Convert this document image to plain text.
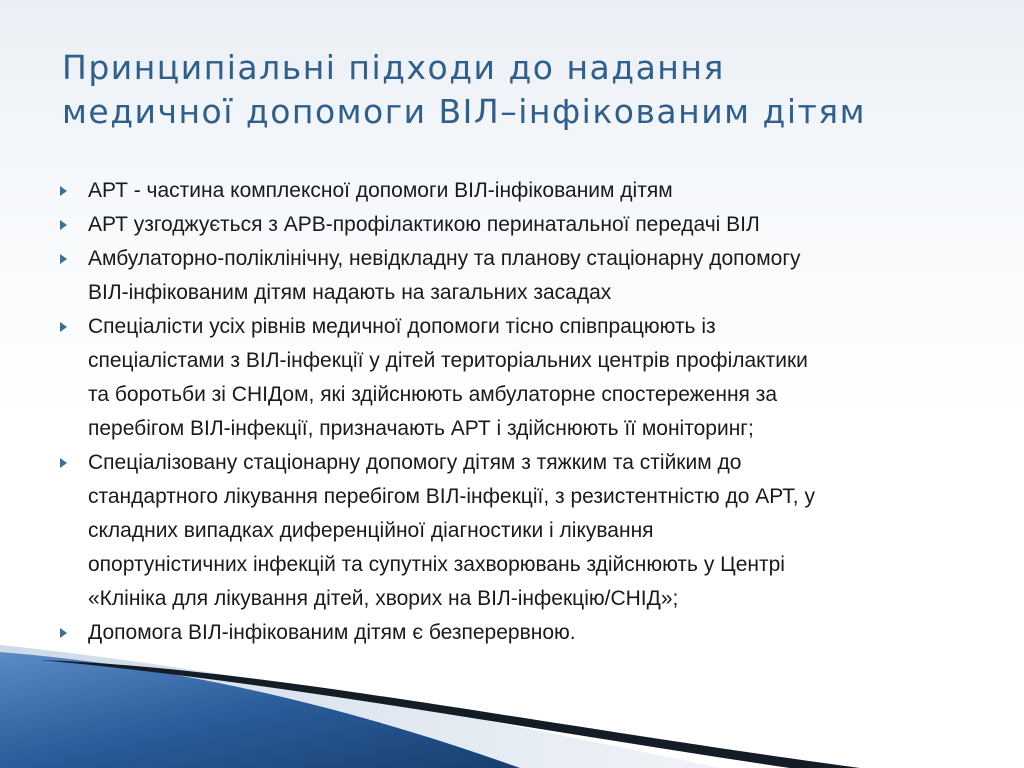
Принципіальні підходи до надання
медичної допомоги ВІЛ–інфікованим дітям
АРТ - частина комплексної допомоги ВІЛ-інфікованим дітям
АРТ узгоджується з АРВ-профілактикою перинатальної передачі ВІЛ
Амбулаторно-поліклінічну, невідкладну та планову стаціонарну допомогу
ВІЛ-інфікованим дітям надають на загальних засадах
Спеціалісти усіх рівнів медичної допомоги тісно співпрацюють із
спеціалістами з ВІЛ-інфекції у дітей територіальних центрів профілактики
та боротьби зі СНІДом, які здійснюють амбулаторне спостереження за
перебігом ВІЛ-інфекції, призначають АРТ і здійснюють її моніторинг;
Спеціалізовану стаціонарну допомогу дітям з тяжким та стійким до
стандартного лікування перебігом ВІЛ-інфекції, з резистентністю до АРТ, у
складних випадках диференційної діагностики і лікування
опортуністичних інфекцій та супутніх захворювань здійснюють у Центрі
«Клініка для лікування дітей, хворих на ВІЛ-інфекцію/СНІД»;
Допомога ВІЛ-інфікованим дітям є безперервною.
